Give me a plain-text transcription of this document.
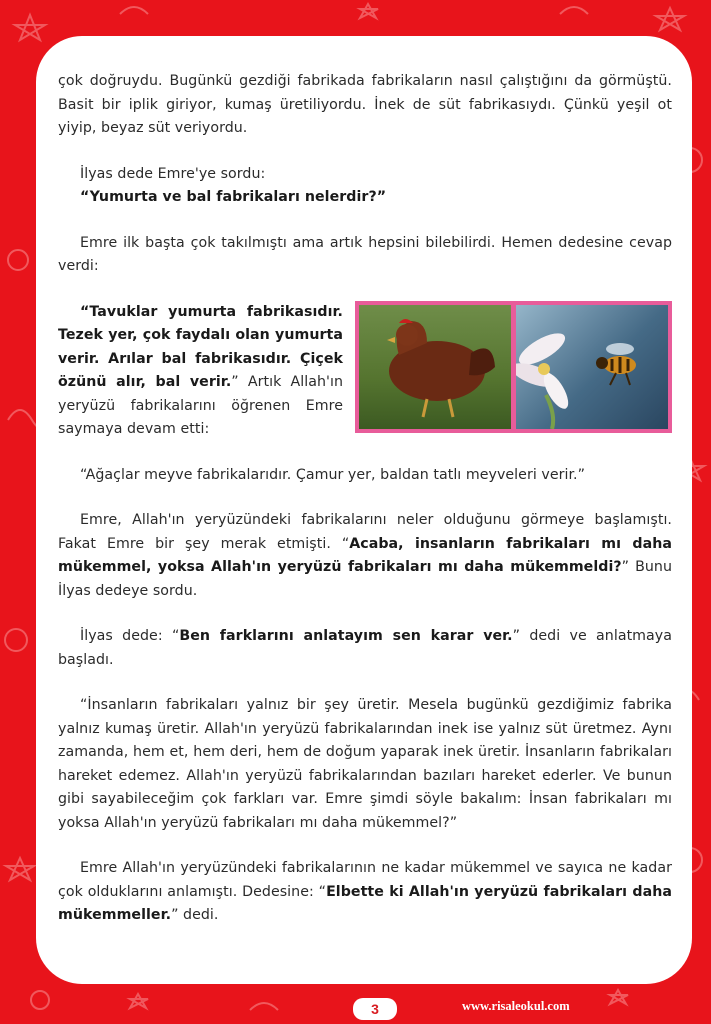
çok doğruydu. Bugünkü gezdiği fabrikada fabrikaların nasıl çalıştığını da görmüştü. Basit bir iplik giriyor, kumaş üretiliyordu. İnek de süt fabrikasıydı. Çünkü yeşil ot yiyip, beyaz süt veriyordu.

İlyas dede Emre'ye sordu:

“Yumurta ve bal fabrikaları nelerdir?”

Emre ilk başta çok takılmıştı ama artık hepsini bilebilirdi. Hemen dedesine cevap verdi:

“Tavuklar yumurta fabrikasıdır. Tezek yer, çok faydalı olan yumurta verir. Arılar bal fabrikasıdır. Çiçek özünü alır, bal verir.” Artık Allah'ın yeryüzü fabrikalarını öğrenen Emre saymaya devam etti:

“Ağaçlar meyve fabrikalarıdır. Çamur yer, baldan tatlı meyveleri verir.”

Emre, Allah'ın yeryüzündeki fabrikalarını neler olduğunu görmeye başlamıştı. Fakat Emre bir şey merak etmişti. “Acaba, insanların fabrikaları mı daha mükemmel, yoksa Allah'ın yeryüzü fabrikaları mı daha mükemmeldi?” Bunu İlyas dedeye sordu.

İlyas dede: “Ben farklarını anlatayım sen karar ver.” dedi ve anlatmaya başladı.

“İnsanların fabrikaları yalnız bir şey üretir. Mesela bugünkü gezdiğimiz fabrika yalnız kumaş üretir. Allah'ın yeryüzü fabrikalarından inek ise yalnız süt üretmez. Aynı zamanda, hem et, hem deri, hem de doğum yaparak inek üretir. İnsanların fabrikaları hareket edemez. Allah'ın yeryüzü fabrikalarından bazıları hareket ederler. Ve bunun gibi sayabileceğim çok farkları var. Emre şimdi söyle bakalım: İnsan fabrikaları mı yoksa Allah'ın yeryüzü fabrikaları mı daha mükemmel?”

Emre Allah'ın yeryüzündeki fabrikalarının ne kadar mükemmel ve sayıca ne kadar çok olduklarını anlamıştı. Dedesine: “Elbette ki Allah'ın yeryüzü fabrikaları daha mükemmeller.” dedi.

3	www.risaleokul.com
